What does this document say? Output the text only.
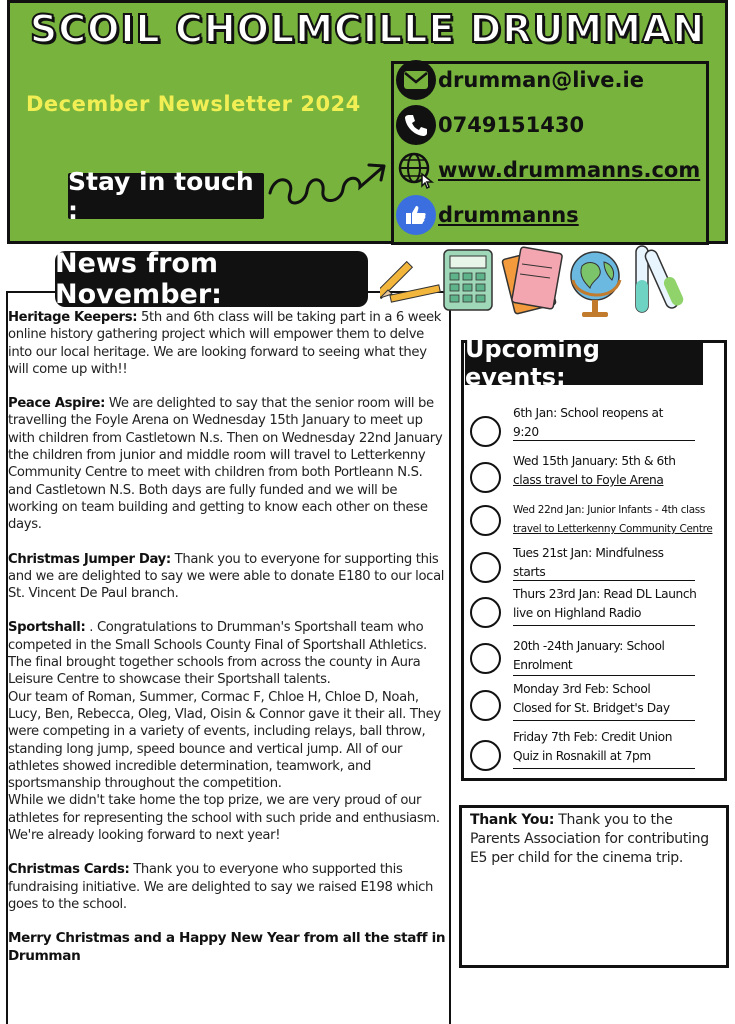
SCOIL CHOLMCILLE DRUMMAN
December Newsletter 2024
Stay in touch :
drumman@live.ie
0749151430
www.drummanns.com
drummanns
News from November:

Heritage Keepers: 5th and 6th class will be taking part in a 6 week online history gathering project which will empower them to delve into our local heritage. We are looking forward to seeing what they will come up with!!

Peace Aspire: We are delighted to say that the senior room will be travelling the Foyle Arena on Wednesday 15th January to meet up with children from Castletown N.s. Then on Wednesday 22nd January the children from junior and middle room will travel to Letterkenny Community Centre to meet with children from both Portleann N.S. and Castletown N.S. Both days are fully funded and we will be working on team building and getting to know each other on these days.

Christmas Jumper Day: Thank you to everyone for supporting this and we are delighted to say we were able to donate E180 to our local St. Vincent De Paul branch.

Sportshall: . Congratulations to Drumman's Sportshall team who competed in the Small Schools County Final of Sportshall Athletics. The final brought together schools from across the county in Aura Leisure Centre to showcase their Sportshall talents.

Our team of Roman, Summer, Cormac F, Chloe H, Chloe D, Noah, Lucy, Ben, Rebecca, Oleg, Vlad, Oisin & Connor gave it their all. They were competing in a variety of events, including relays, ball throw, standing long jump, speed bounce and vertical jump. All of our athletes showed incredible determination, teamwork, and sportsmanship throughout the competition.

While we didn't take home the top prize, we are very proud of our athletes for representing the school with such pride and enthusiasm. We're already looking forward to next year!

Christmas Cards: Thank you to everyone who supported this fundraising initiative. We are delighted to say we raised E198 which goes to the school.

Merry Christmas and a Happy New Year from all the staff in Drumman

Upcoming events:
6th Jan: School reopens at
9:20
Wed 15th January: 5th & 6th
class travel to Foyle Arena
Wed 22nd Jan: Junior Infants - 4th class
travel to Letterkenny Community Centre
Tues 21st Jan: Mindfulness
starts
Thurs 23rd Jan: Read DL Launch
live on Highland Radio
20th -24th January: School
Enrolment
Monday 3rd Feb: School
Closed for St. Bridget's Day
Friday 7th Feb: Credit Union
Quiz in Rosnakill at 7pm
Thank You: Thank you to the Parents Association for contributing E5 per child for the cinema trip.
